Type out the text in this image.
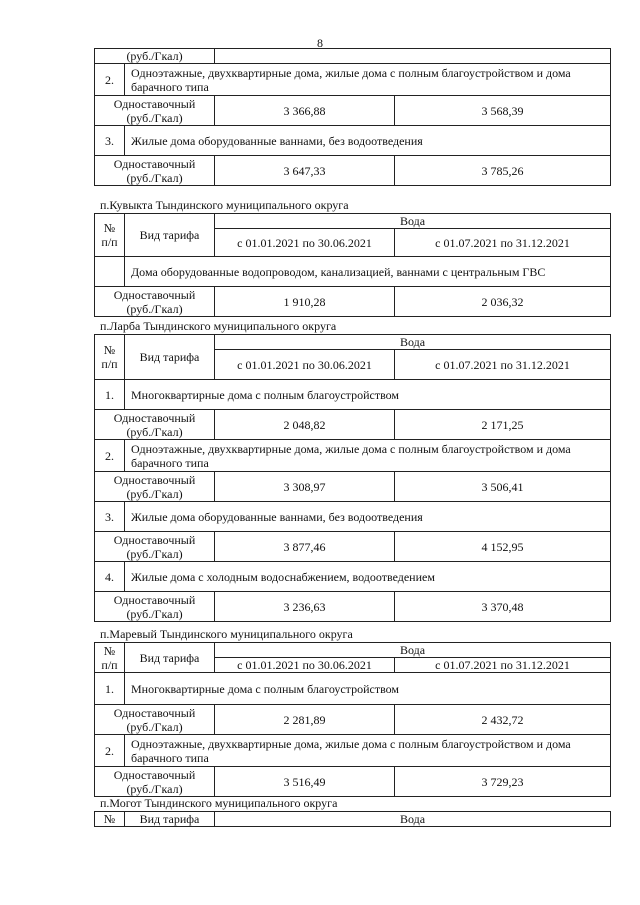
8
(руб./Гкал)			
2.	Одноэтажные, двухквартирные дома, жилые дома с полным благоустройством и дома барачного типа		
Одноставочный (руб./Гкал)		3 366,88	3 568,39
3.	Жилые дома оборудованные ваннами, без водоотведения		
Одноставочный (руб./Гкал)		3 647,33	3 785,26
п.Кувыкта Тындинского муниципального округа
№ п/п	Вид тарифа	Вода	
		с 01.01.2021 по 30.06.2021	с 01.07.2021 по 31.12.2021
	Дома оборудованные водопроводом, канализацией, ваннами с центральным ГВС		
Одноставочный (руб./Гкал)		1 910,28	2 036,32
п.Ларба Тындинского муниципального округа
№ п/п	Вид тарифа	Вода	
		с 01.01.2021 по 30.06.2021	с 01.07.2021 по 31.12.2021
1.	Многоквартирные дома с полным благоустройством		
Одноставочный (руб./Гкал)		2 048,82	2 171,25
2.	Одноэтажные, двухквартирные дома, жилые дома с полным благоустройством и дома барачного типа		
Одноставочный (руб./Гкал)		3 308,97	3 506,41
3.	Жилые дома оборудованные ваннами, без водоотведения		
Одноставочный (руб./Гкал)		3 877,46	4 152,95
4.	Жилые дома с холодным водоснабжением, водоотведением		
Одноставочный (руб./Гкал)		3 236,63	3 370,48
п.Маревый Тындинского муниципального округа
№ п/п	Вид тарифа	Вода	
		с 01.01.2021 по 30.06.2021	с 01.07.2021 по 31.12.2021
1.	Многоквартирные дома с полным благоустройством		
Одноставочный (руб./Гкал)		2 281,89	2 432,72
2.	Одноэтажные, двухквартирные дома, жилые дома с полным благоустройством и дома барачного типа		
Одноставочный (руб./Гкал)		3 516,49	3 729,23
п.Могот Тындинского муниципального округа
№	Вид тарифа	Вода
